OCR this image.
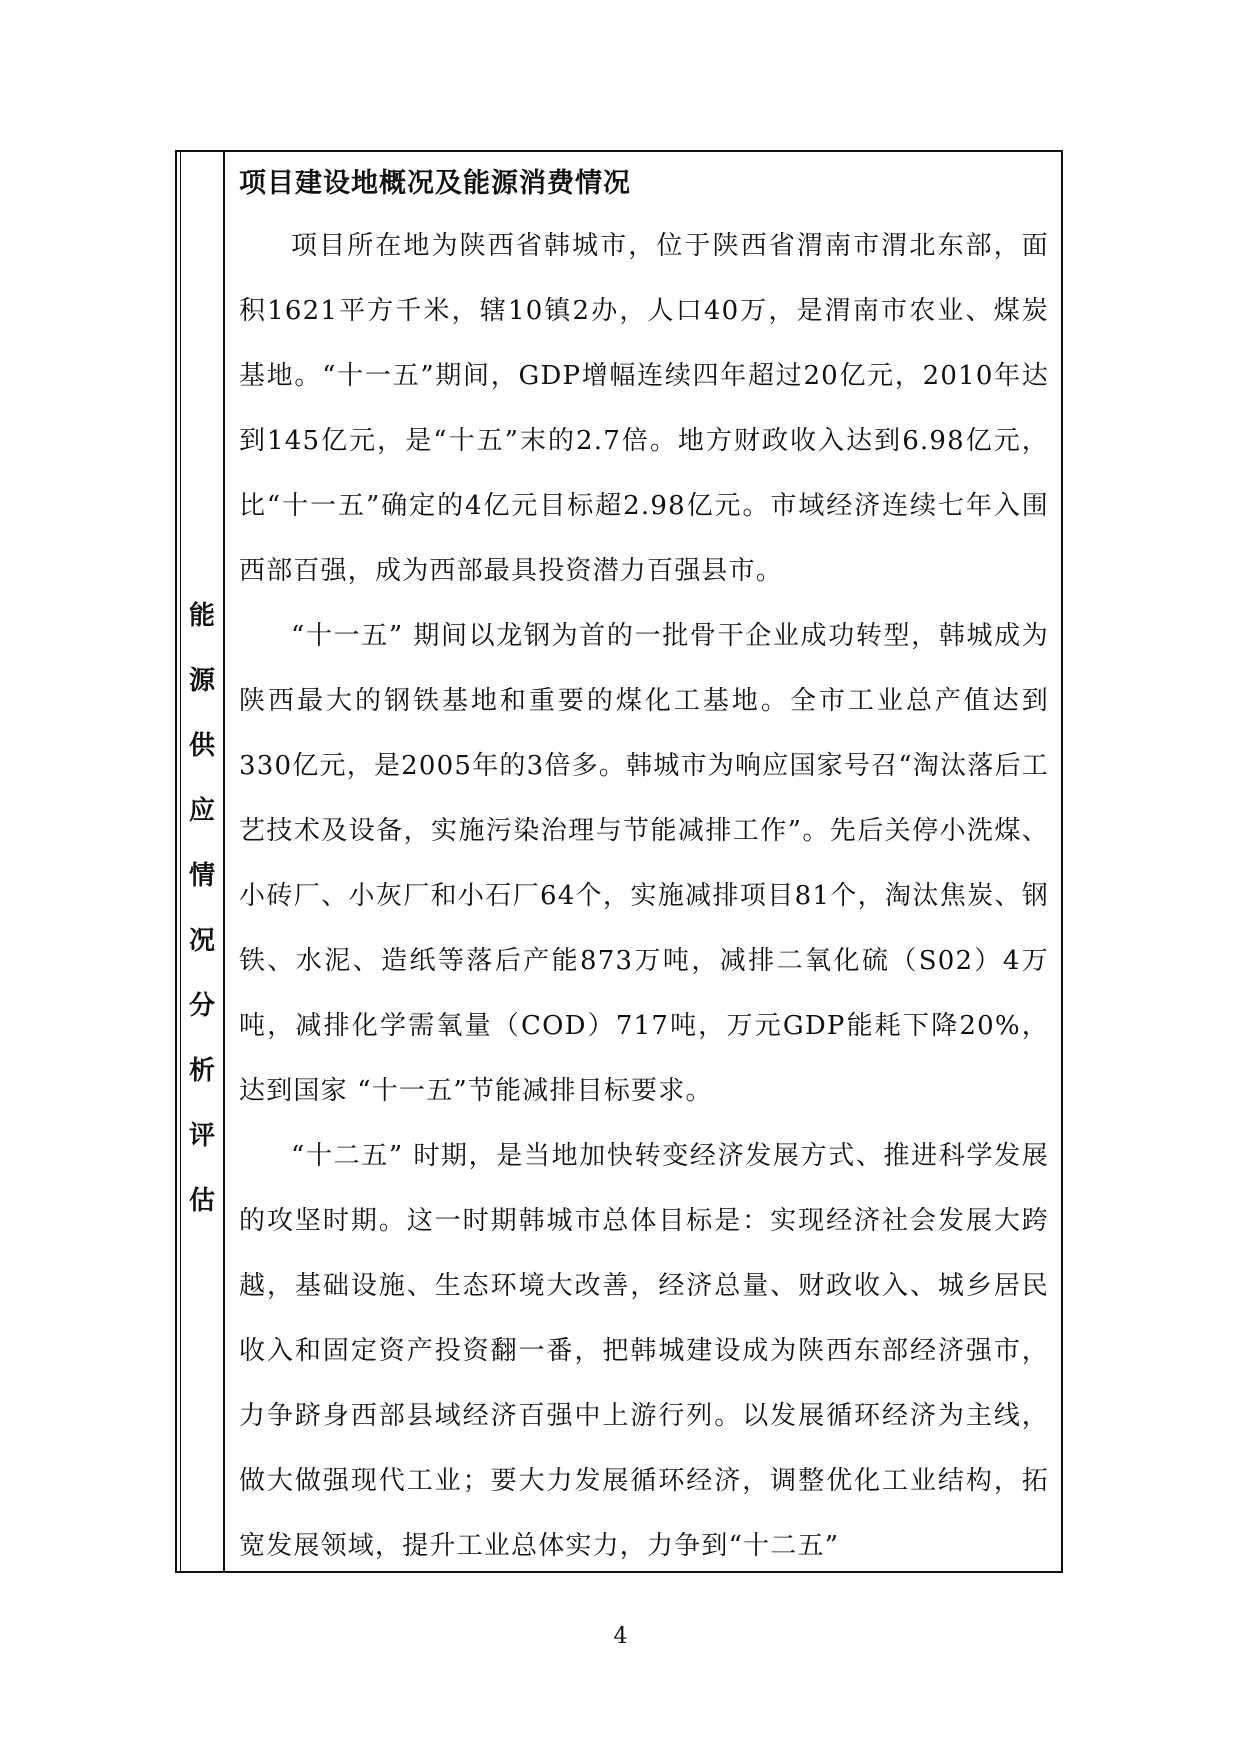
能
源
供
应
情
况
分
析
评
估

项目建设地概况及能源消费情况

项目所在地为陕西省韩城市，位于陕西省渭南市渭北东部，面积1621平方千米，辖10镇2办，人口40万，是渭南市农业、煤炭基地。“十一五”期间，GDP增幅连续四年超过20亿元，2010年达到145亿元，是“十五”末的2.7倍。地方财政收入达到6.98亿元，比“十一五”确定的4亿元目标超2.98亿元。市域经济连续七年入围西部百强，成为西部最具投资潜力百强县市。

“十一五” 期间以龙钢为首的一批骨干企业成功转型，韩城成为陕西最大的钢铁基地和重要的煤化工基地。全市工业总产值达到330亿元，是2005年的3倍多。韩城市为响应国家号召“淘汰落后工艺技术及设备，实施污染治理与节能减排工作”。先后关停小洗煤、小砖厂、小灰厂和小石厂64个，实施减排项目81个，淘汰焦炭、钢铁、水泥、造纸等落后产能873万吨，减排二氧化硫（S02）4万吨，减排化学需氧量（COD）717吨，万元GDP能耗下降20%，达到国家 “十一五”节能减排目标要求。

“十二五” 时期，是当地加快转变经济发展方式、推进科学发展的攻坚时期。这一时期韩城市总体目标是：实现经济社会发展大跨越，基础设施、生态环境大改善，经济总量、财政收入、城乡居民收入和固定资产投资翻一番，把韩城建设成为陕西东部经济强市，力争跻身西部县域经济百强中上游行列。以发展循环经济为主线，做大做强现代工业；要大力发展循环经济，调整优化工业结构，拓宽发展领域，提升工业总体实力，力争到“十二五”

4
